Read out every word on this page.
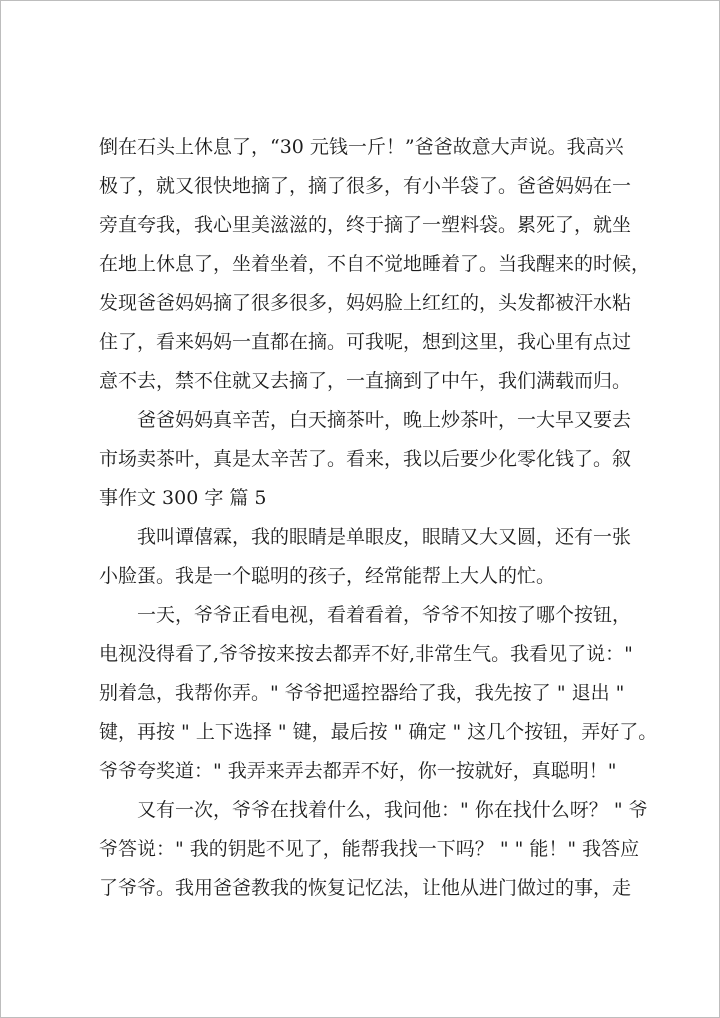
倒在石头上休息了，“30 元钱一斤！”爸爸故意大声说。我高兴
极了，就又很快地摘了，摘了很多，有小半袋了。爸爸妈妈在一
旁直夸我，我心里美滋滋的，终于摘了一塑料袋。累死了，就坐
在地上休息了，坐着坐着，不自不觉地睡着了。当我醒来的时候，
发现爸爸妈妈摘了很多很多，妈妈脸上红红的，头发都被汗水粘
住了，看来妈妈一直都在摘。可我呢，想到这里，我心里有点过
意不去，禁不住就又去摘了，一直摘到了中午，我们满载而归。
爸爸妈妈真辛苦，白天摘茶叶，晚上炒茶叶，一大早又要去
市场卖茶叶，真是太辛苦了。看来，我以后要少化零化钱了。叙
事作文 300 字 篇 5
我叫谭僖霖，我的眼睛是单眼皮，眼睛又大又圆，还有一张
小脸蛋。我是一个聪明的孩子，经常能帮上大人的忙。
一天，爷爷正看电视，看着看着，爷爷不知按了哪个按钮，
电视没得看了,爷爷按来按去都弄不好,非常生气。我看见了说："
别着急，我帮你弄。" 爷爷把遥控器给了我，我先按了 " 退出 "
键，再按 " 上下选择 " 键，最后按 " 确定 " 这几个按钮，弄好了。
爷爷夸奖道：" 我弄来弄去都弄不好，你一按就好，真聪明！"
又有一次，爷爷在找着什么，我问他：" 你在找什么呀？ " 爷
爷答说：" 我的钥匙不见了，能帮我找一下吗？ " " 能！" 我答应
了爷爷。我用爸爸教我的恢复记忆法，让他从进门做过的事，走
